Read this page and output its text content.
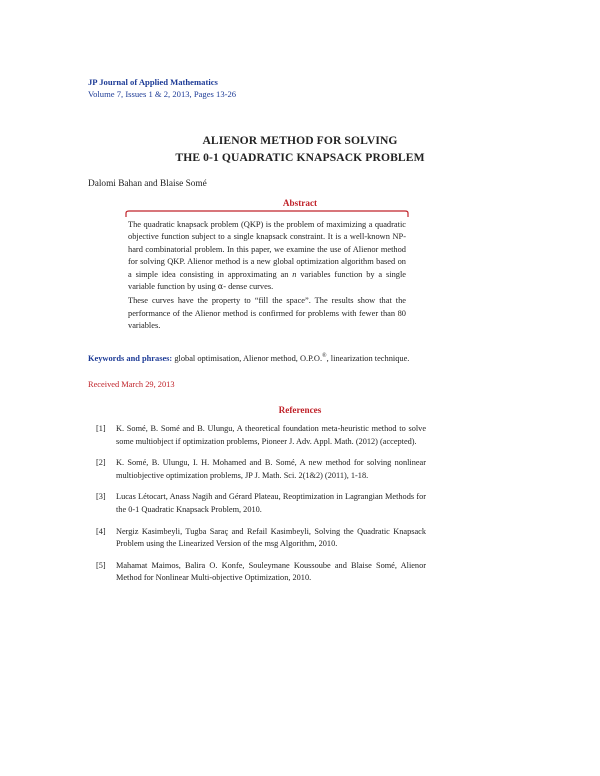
JP Journal of Applied Mathematics
Volume 7, Issues 1 & 2, 2013, Pages 13-26
ALIENOR METHOD FOR SOLVING
THE 0-1 QUADRATIC KNAPSACK PROBLEM
Dalomi Bahan and Blaise Somé
Abstract

The quadratic knapsack problem (QKP) is the problem of maximizing a quadratic objective function subject to a single knapsack constraint. It is a well-known NP-hard combinatorial problem. In this paper, we examine the use of Alienor method for solving QKP. Alienor method is a new global optimization algorithm based on a simple idea consisting in approximating an n variables function by a single variable function by using α- dense curves.

These curves have the property to “fill the space”. The results show that the performance of the Alienor method is confirmed for problems with fewer than 80 variables.

Keywords and phrases: global optimisation, Alienor method, O.P.O.®, linearization technique.
Received March 29, 2013
References
[1] K. Somé, B. Somé and B. Ulungu, A theoretical foundation meta-heuristic method to solve some multiobject if optimization problems, Pioneer J. Adv. Appl. Math. (2012) (accepted).
[2] K. Somé, B. Ulungu, I. H. Mohamed and B. Somé, A new method for solving nonlinear multiobjective optimization problems, JP J. Math. Sci. 2(1&2) (2011), 1-18.
[3] Lucas Létocart, Anass Nagih and Gérard Plateau, Reoptimization in Lagrangian Methods for the 0-1 Quadratic Knapsack Problem, 2010.
[4] Nergiz Kasimbeyli, Tugba Saraç and Refail Kasimbeyli, Solving the Quadratic Knapsack Problem using the Linearized Version of the msg Algorithm, 2010.
[5] Mahamat Maimos, Balira O. Konfe, Souleymane Koussoube and Blaise Somé, Alienor Method for Nonlinear Multi-objective Optimization, 2010.
